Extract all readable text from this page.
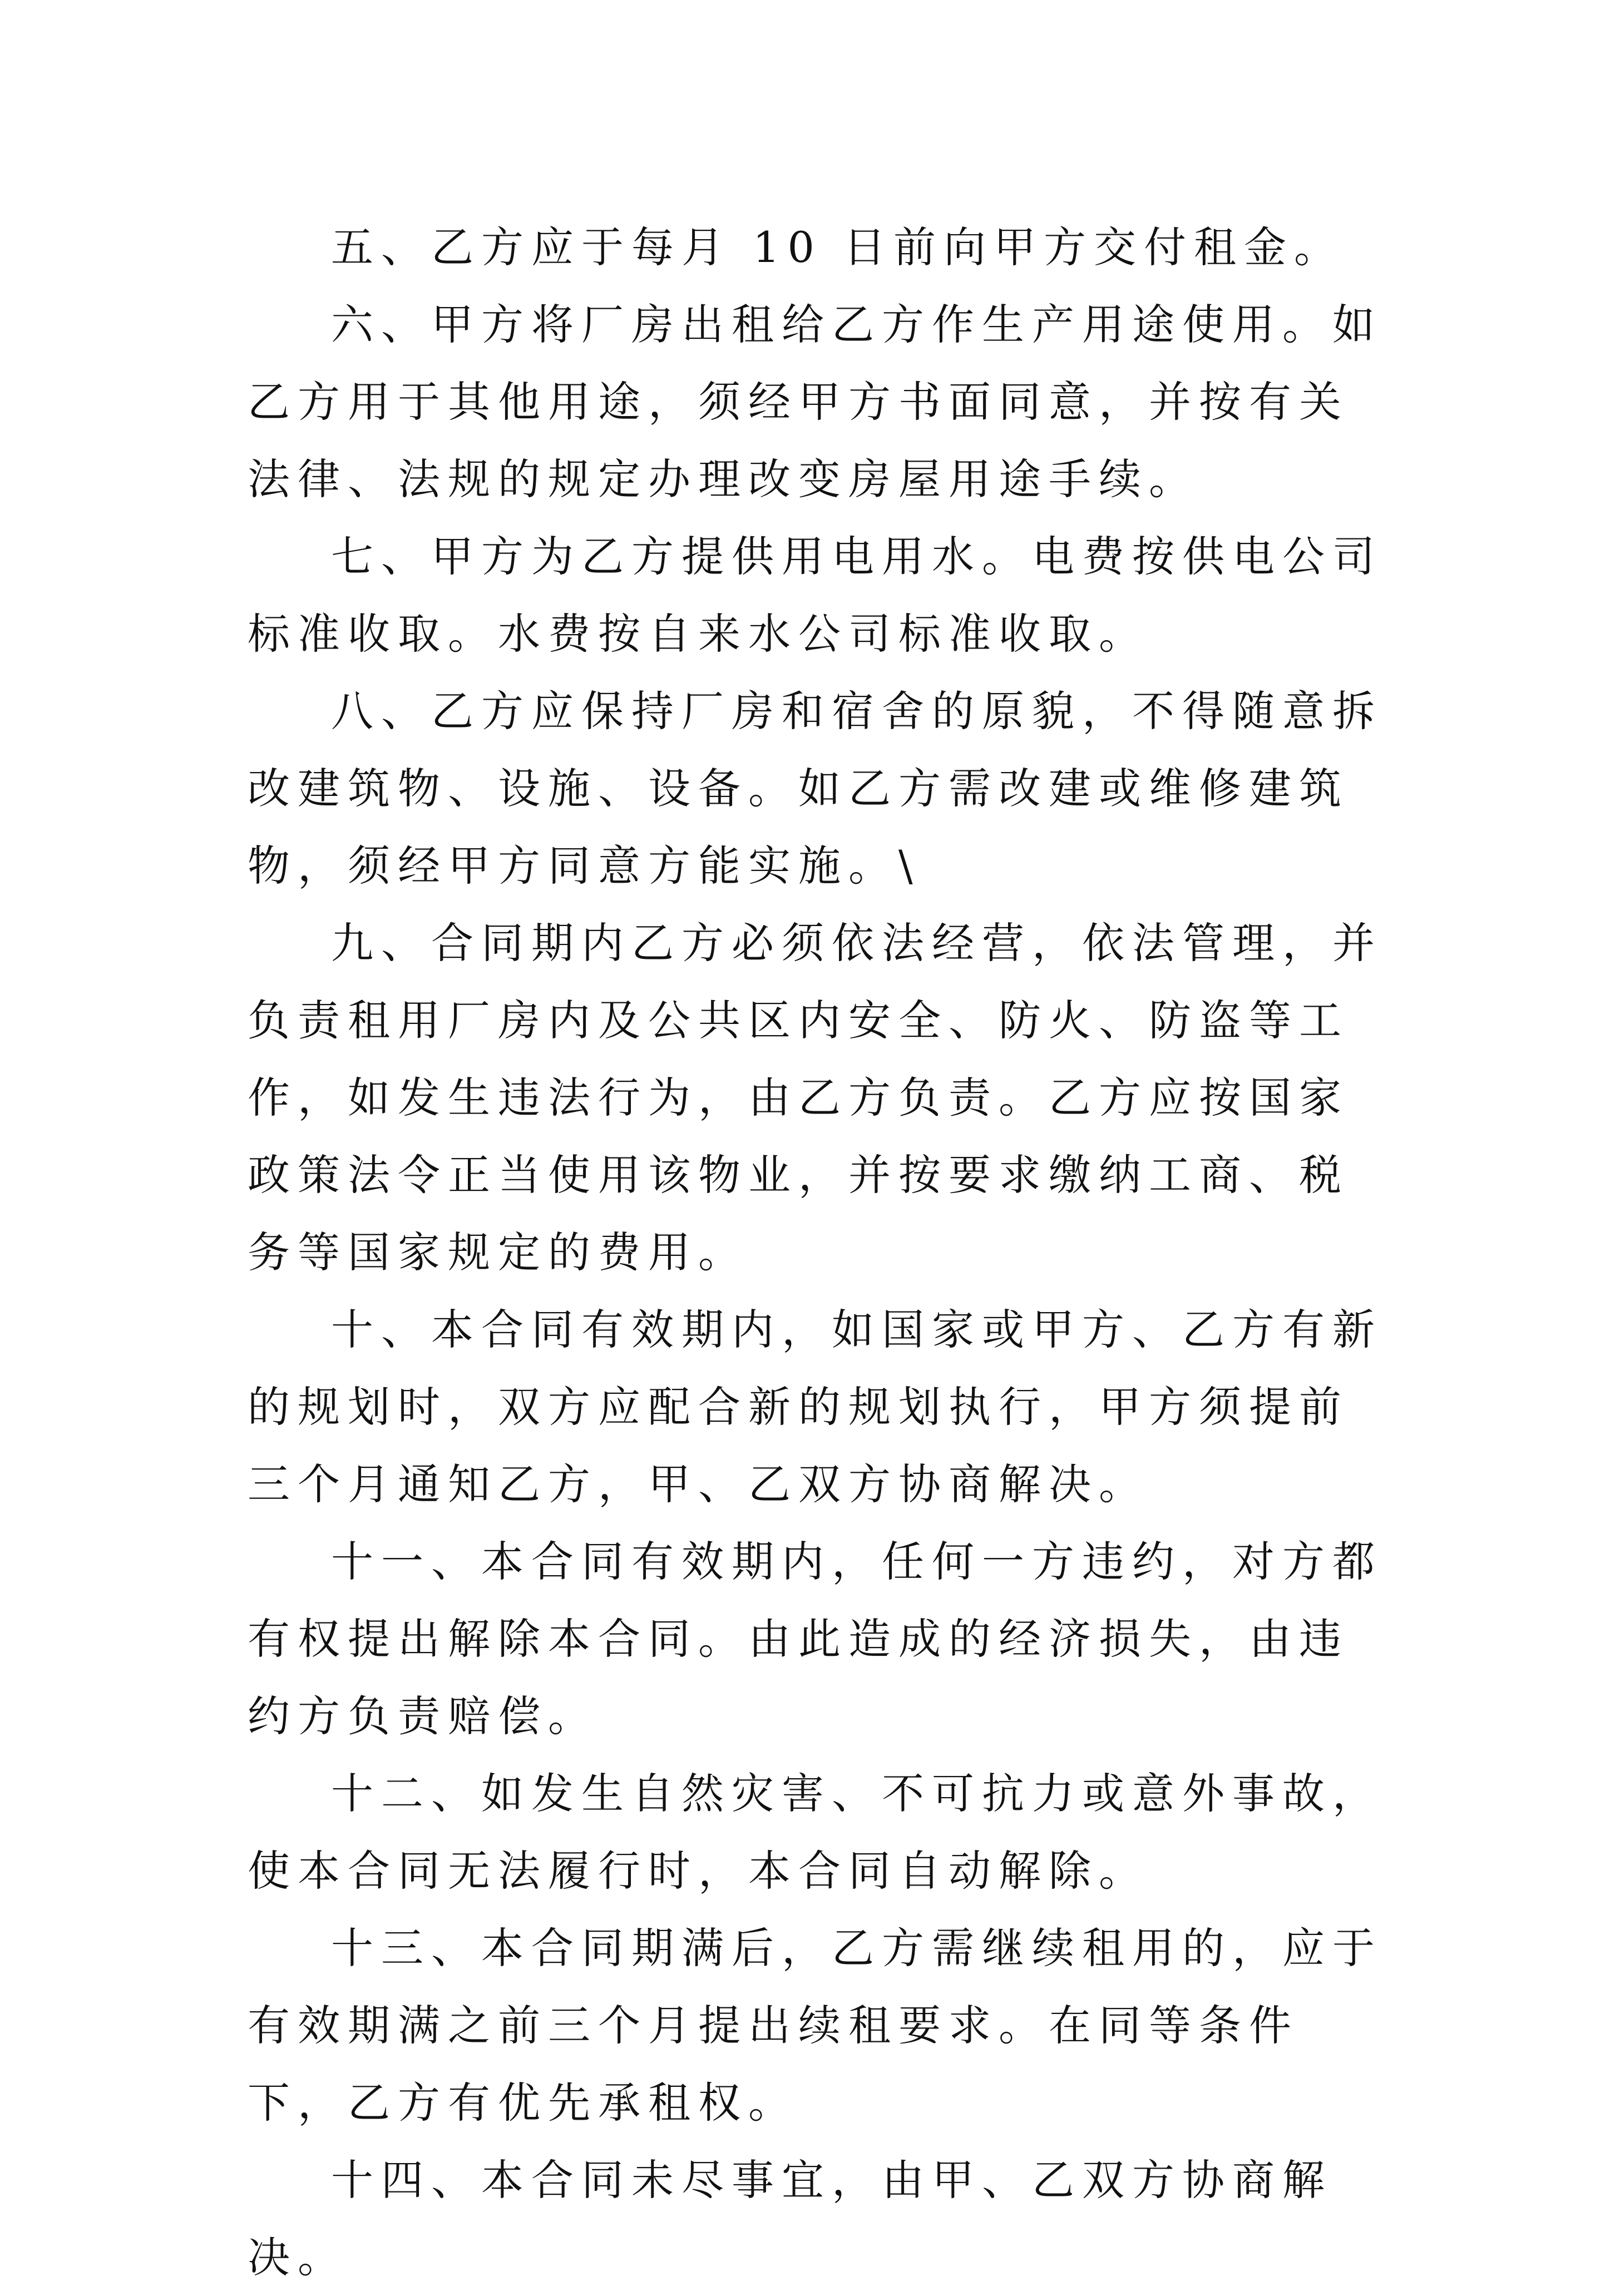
五、乙方应于每月 10 日前向甲方交付租金。

六、甲方将厂房出租给乙方作生产用途使用。如乙方用于其他用途，须经甲方书面同意，并按有关法律、法规的规定办理改变房屋用途手续。

七、甲方为乙方提供用电用水。电费按供电公司标准收取。水费按自来水公司标准收取。

八、乙方应保持厂房和宿舍的原貌，不得随意拆改建筑物、设施、设备。如乙方需改建或维修建筑物，须经甲方同意方能实施。\

九、合同期内乙方必须依法经营，依法管理，并负责租用厂房内及公共区内安全、防火、防盗等工作，如发生违法行为，由乙方负责。乙方应按国家政策法令正当使用该物业，并按要求缴纳工商、税务等国家规定的费用。

十、本合同有效期内，如国家或甲方、乙方有新的规划时，双方应配合新的规划执行，甲方须提前三个月通知乙方，甲、乙双方协商解决。

十一、本合同有效期内，任何一方违约，对方都有权提出解除本合同。由此造成的经济损失，由违约方负责赔偿。

十二、如发生自然灾害、不可抗力或意外事故，使本合同无法履行时，本合同自动解除。

十三、本合同期满后，乙方需继续租用的，应于有效期满之前三个月提出续租要求。在同等条件下，乙方有优先承租权。

十四、本合同未尽事宜，由甲、乙双方协商解决。
